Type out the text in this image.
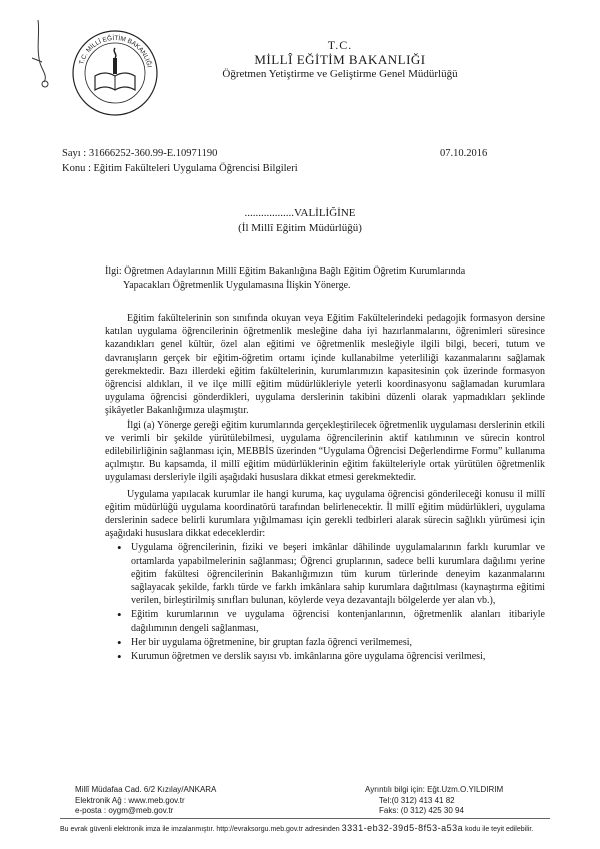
T.C. MİLLÎ EĞİTİM BAKANLIĞI
T.C.
MİLLÎ EĞİTİM BAKANLIĞI
Öğretmen Yetiştirme ve Geliştirme Genel Müdürlüğü
Sayı : 31666252-360.99-E.10971190	07.10.2016
Konu : Eğitim Fakülteleri Uygulama Öğrencisi Bilgileri
..................VALİLİĞİNE
(İl Millî Eğitim Müdürlüğü)
İlgi: Öğretmen Adaylarının Millî Eğitim Bakanlığına Bağlı Eğitim Öğretim Kurumlarında
Yapacakları Öğretmenlik Uygulamasına İlişkin Yönerge.

Eğitim fakültelerinin son sınıfında okuyan veya Eğitim Fakültelerindeki pedagojik formasyon dersine katılan uygulama öğrencilerinin öğretmenlik mesleğine daha iyi hazırlanmalarını, öğrenimleri süresince kazandıkları genel kültür, özel alan eğitimi ve öğretmenlik mesleğiyle ilgili bilgi, beceri, tutum ve davranışların gerçek bir eğitim-öğretim ortamı içinde kullanabilme yeterliliği kazanmalarını sağlamak gerekmektedir. Bazı illerdeki eğitim fakültelerinin, kurumlarımızın kapasitesinin çok üzerinde formasyon öğrencisi aldıkları, il ve ilçe millî eğitim müdürlükleriyle yeterli koordinasyonu sağlamadan kurumlara uygulama öğrencisi gönderdikleri, uygulama derslerinin takibini düzenli olarak yapmadıkları şeklinde şikâyetler Bakanlığımıza ulaşmıştır.

İlgi (a) Yönerge gereği eğitim kurumlarında gerçekleştirilecek öğretmenlik uygulaması derslerinin etkili ve verimli bir şekilde yürütülebilmesi, uygulama öğrencilerinin aktif katılımının ve sürecin kontrol edilebilirliğinin sağlanması için, MEBBİS üzerinden “Uygulama Öğrencisi Değerlendirme Formu” kullanıma açılmıştır. Bu kapsamda, il millî eğitim müdürlüklerinin eğitim fakülteleriyle ortak yürütülen öğretmenlik uygulaması dersleriyle ilgili aşağıdaki hususlara dikkat etmesi gerekmektedir.

Uygulama yapılacak kurumlar ile hangi kuruma, kaç uygulama öğrencisi gönderileceği konusu il millî eğitim müdürlüğü uygulama koordinatörü tarafından belirlenecektir. İl millî eğitim müdürlükleri, uygulama derslerinin sadece belirli kurumlara yığılmaması için gerekli tedbirleri alarak sürecin sağlıklı yürümesi için aşağıdaki hususlara dikkat edeceklerdir:

• Uygulama öğrencilerinin, fiziki ve beşeri imkânlar dâhilinde uygulamalarının farklı kurumlar ve ortamlarda yapabilmelerinin sağlanması; Öğrenci gruplarının, sadece belli kurumlara dağılımı yerine eğitim fakültesi öğrencilerinin Bakanlığımızın tüm kurum türlerinde deneyim kazanmalarını sağlayacak şekilde, farklı türde ve farklı imkânlara sahip kurumlara dağıtılması (kaynaştırma eğitimi verilen, birleştirilmiş sınıfları bulunan, köylerde veya dezavantajlı bölgelerde yer alan vb.),
• Eğitim kurumlarının ve uygulama öğrencisi kontenjanlarının, öğretmenlik alanları itibariyle dağılımının dengeli sağlanması,
• Her bir uygulama öğretmenine, bir gruptan fazla öğrenci verilmemesi,
• Kurumun öğretmen ve derslik sayısı vb. imkânlarına göre uygulama öğrencisi verilmesi,
Millî Müdafaa Cad. 6/2 Kızılay/ANKARA
Elektronik Ağ : www.meb.gov.tr
e-posta : oygm@meb.gov.tr
Ayrıntılı bilgi için: Eğt.Uzm.O.YILDIRIM
Tel:(0 312) 413 41 82
Faks: (0 312) 425 30 94
Bu evrak güvenli elektronik imza ile imzalanmıştır. http://evraksorgu.meb.gov.tr adresinden 3331-eb32-39d5-8f53-a53a kodu ile teyit edilebilir.
